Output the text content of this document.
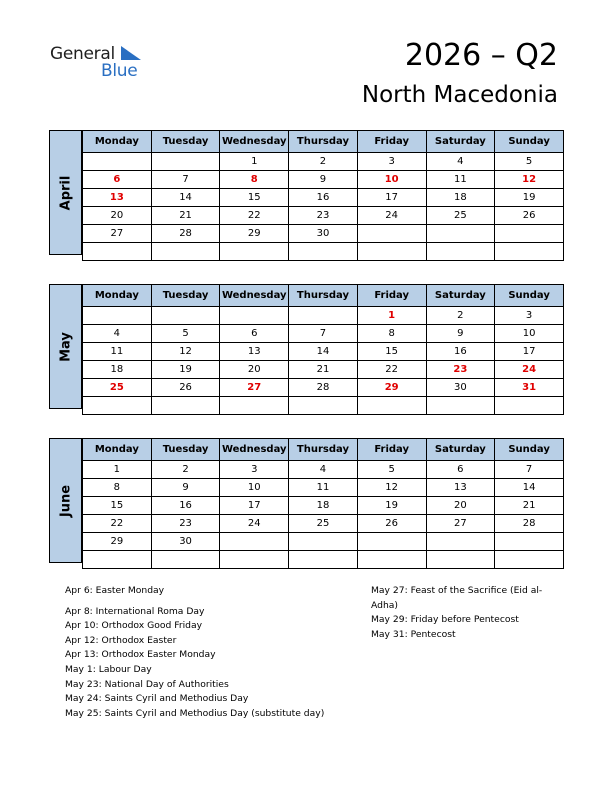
General
Blue	2026 – Q2
North Macedonia
April
Monday	Tuesday	Wednesday	Thursday	Friday	Saturday	Sunday
		1	2	3	4	5
6	7	8	9	10	11	12
13	14	15	16	17	18	19
20	21	22	23	24	25	26
27	28	29	30			

May
Monday	Tuesday	Wednesday	Thursday	Friday	Saturday	Sunday
				1	2	3
4	5	6	7	8	9	10
11	12	13	14	15	16	17
18	19	20	21	22	23	24
25	26	27	28	29	30	31

June
Monday	Tuesday	Wednesday	Thursday	Friday	Saturday	Sunday
1	2	3	4	5	6	7
8	9	10	11	12	13	14
15	16	17	18	19	20	21
22	23	24	25	26	27	28
29	30					

Apr 6: Easter Monday
Apr 8: International Roma Day
Apr 10: Orthodox Good Friday
Apr 12: Orthodox Easter
Apr 13: Orthodox Easter Monday
May 1: Labour Day
May 23: National Day of Authorities
May 24: Saints Cyril and Methodius Day
May 25: Saints Cyril and Methodius Day (substitute day)
May 27: Feast of the Sacrifice (Eid al-Adha)
May 29: Friday before Pentecost
May 31: Pentecost
